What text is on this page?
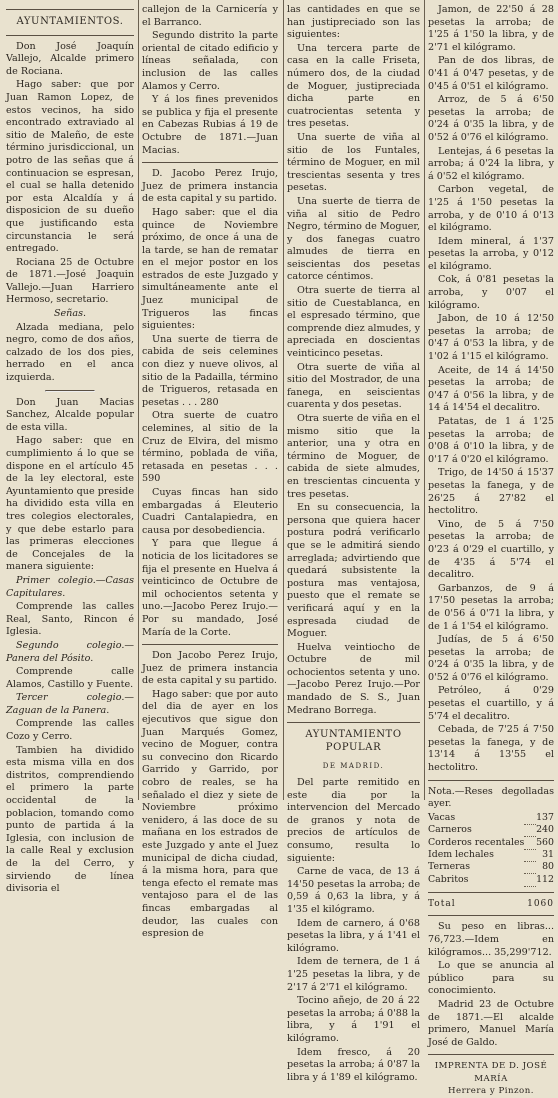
AYUNTAMIENTOS.

Don José Joaquín Vallejo, Alcalde primero de Rociana.

Hago saber: que por Juan Ramon Lopez, de estos vecinos, ha sido encontrado extraviado al sitio de Maleño, de este término jurisdiccional, un potro de las señas que á continuacion se espresan, el cual se halla detenido por esta Alcaldía y á disposicion de su dueño que justificando esta circunstancia le será entregado.

Rociana 25 de Octubre de 1871.—José Joaquin Vallejo.—Juan Harriero Hermoso, secretario.

Señas.

Alzada mediana, pelo negro, como de dos años, calzado de los dos pies, herrado en el anca izquierda.

Don Juan Macias Sanchez, Alcalde popular de esta villa.

Hago saber: que en cumplimiento á lo que se dispone en el artículo 45 de la ley electoral, este Ayuntamiento que preside ha dividido esta villa en tres colegios electorales, y que debe estarlo para las primeras elecciones de Concejales de la manera siguiente:

Primer colegio.—Casas Capitulares.

Comprende las calles Real, Santo, Rincon é Iglesia.

Segundo colegio.—Panera del Pósito.

Comprende calle Alamos, Castillo y Fuente.

Tercer colegio.—Zaguan de la Panera.

Comprende las calles Cozo y Cerro.

Tambien ha dividido esta misma villa en dos distritos, comprendiendo el primero la parte occidental de la poblacion, tomando como punto de partida á la Iglesia, con inclusion de la calle Real y exclusion de la del Cerro, y sirviendo de línea divisoria el

callejon de la Carnicería y el Barranco.

Segundo distrito la parte oriental de citado edificio y líneas señalada, con inclusion de las calles Alamos y Cerro.

Y á los fines prevenidos se publica y fija el presente en Cabezas Rubias á 19 de Octubre de 1871.—Juan Macias.

D. Jacobo Perez Irujo, Juez de primera instancia de esta capital y su partido.

Hago saber: que el dia quince de Noviembre próximo, de once á una de la tarde, se han de rematar en el mejor postor en los estrados de este Juzgado y simultáneamente ante el Juez municipal de Trigueros las fincas siguientes:

Una suerte de tierra de cabida de seis celemines con diez y nueve olivos, al sitio de la Padailla, término de Trigueros, retasada en pesetas . . . 280

Otra suerte de cuatro celemines, al sitio de la Cruz de Elvira, del mismo término, poblada de viña, retasada en pesetas . . . 590

Cuyas fincas han sido embargadas á Eleuterio Cuadri Cantalapiedra, en causa por desobediencia.

Y para que llegue á noticia de los licitadores se fija el presente en Huelva á veinticinco de Octubre de mil ochocientos setenta y uno.—Jacobo Perez Irujo.—Por su mandado, José María de la Corte.

Don Jacobo Perez Irujo, Juez de primera instancia de esta capital y su partido.

Hago saber: que por auto del dia de ayer en los ejecutivos que sigue don Juan Marqués Gomez, vecino de Moguer, contra su convecino don Ricardo Garrido y Garrido, por cobro de reales, se ha señalado el diez y siete de Noviembre próximo venidero, á las doce de su mañana en los estrados de este Juzgado y ante el Juez municipal de dicha ciudad, á la misma hora, para que tenga efecto el remate mas ventajoso para el de las fincas embargadas al deudor, las cuales con espresion de

las cantidades en que se han justipreciado son las siguientes:

Una tercera parte de casa en la calle Friseta, número dos, de la ciudad de Moguer, justipreciada dicha parte en cuatrocientas setenta y tres pesetas.

Una suerte de viña al sitio de los Funtales, término de Moguer, en mil trescientas sesenta y tres pesetas.

Una suerte de tierra de viña al sitio de Pedro Negro, término de Moguer, y dos fanegas cuatro almudes de tierra en seiscientas dos pesetas catorce céntimos.

Otra suerte de tierra al sitio de Cuestablanca, en el espresado término, que comprende diez almudes, y apreciada en doscientas veinticinco pesetas.

Otra suerte de viña al sitio del Mostrador, de una fanega, en seiscientas cuarenta y dos pesetas.

Otra suerte de viña en el mismo sitio que la anterior, una y otra en término de Moguer, de cabida de siete almudes, en trescientas cincuenta y tres pesetas.

En su consecuencia, la persona que quiera hacer postura podrá verificarlo que se le admitirá siendo arreglada; advirtiendo que quedará subsistente la postura mas ventajosa, puesto que el remate se verificará aquí y en la espresada ciudad de Moguer.

Huelva veintiocho de Octubre de mil ochocientos setenta y uno.—Jacobo Perez Irujo.—Por mandado de S. S., Juan Medrano Borrega.

AYUNTAMIENTO POPULAR
DE MADRID.

Del parte remitido en este dia por la intervencion del Mercado de granos y nota de precios de artículos de consumo, resulta lo siguiente:

Carne de vaca, de 13 á 14'50 pesetas la arroba; de 0,59 á 0,63 la libra, y á 1'35 el kilógramo.

Idem de carnero, á 0'68 pesetas la libra, y á 1'41 el kilógramo.

Idem de ternera, de 1 á 1'25 pesetas la libra, y de 2'17 á 2'71 el kilógramo.

Tocino añejo, de 20 á 22 pesetas la arroba; á 0'88 la libra, y á 1'91 el kilógramo.

Idem fresco, á 20 pesetas la arroba; á 0'87 la libra y á 1'89 el kilógramo.

Jamon, de 22'50 á 28 pesetas la arroba; de 1'25 á 1'50 la libra, y de 2'71 el kilógramo.

Pan de dos libras, de 0'41 á 0'47 pesetas, y de 0'45 á 0'51 el kilógramo.

Arroz, de 5 á 6'50 pesetas la arroba; de 0'24 á 0'35 la libra, y de 0'52 á 0'76 el kilógramo.

Lentejas, á 6 pesetas la arroba; á 0'24 la libra, y á 0'52 el kilógramo.

Carbon vegetal, de 1'25 á 1'50 pesetas la arroba, y de 0'10 á 0'13 el kilógramo.

Idem mineral, á 1'37 pesetas la arroba, y 0'12 el kilógramo.

Cok, á 0'81 pesetas la arroba, y 0'07 el kilógramo.

Jabon, de 10 á 12'50 pesetas la arroba; de 0'47 á 0'53 la libra, y de 1'02 á 1'15 el kilógramo.

Aceite, de 14 á 14'50 pesetas la arroba; de 0'47 á 0'56 la libra, y de 14 á 14'54 el decalitro.

Patatas, de 1 á 1'25 pesetas la arroba; de 0'08 á 0'10 la libra, y de 0'17 á 0'20 el kilógramo.

Trigo, de 14'50 á 15'37 pesetas la fanega, y de 26'25 á 27'82 el hectolitro.

Vino, de 5 á 7'50 pesetas la arroba; de 0'23 á 0'29 el cuartillo, y de 4'35 á 5'74 el decalitro.

Garbanzos, de 9 á 17'50 pesetas la arroba; de 0'56 á 0'71 la libra, y de 1 á 1'54 el kilógramo.

Judías, de 5 á 6'50 pesetas la arroba; de 0'24 á 0'35 la libra, y de 0'52 á 0'76 el kilógramo.

Petróleo, á 0'29 pesetas el cuartillo, y á 5'74 el decalitro.

Cebada, de 7'25 á 7'50 pesetas la fanega, y de 13'14 á 13'55 el hectolitro.

Nota.—Reses degolladas ayer.

Vacas		137
Carneros		240
Corderos recentales		560
Idem lechales		31
Terneras		80
Cabritos		112
Total	1060

Su peso en libras... 76,723.—Idem en kilógramos... 35,299'712.

Lo que se anuncia al público para su conocimiento.

Madrid 23 de Octubre de 1871.—El alcalde primero, Manuel María José de Galdo.

IMPRENTA DE D. JOSÉ MARÍA
Herrera y Pinzon.
